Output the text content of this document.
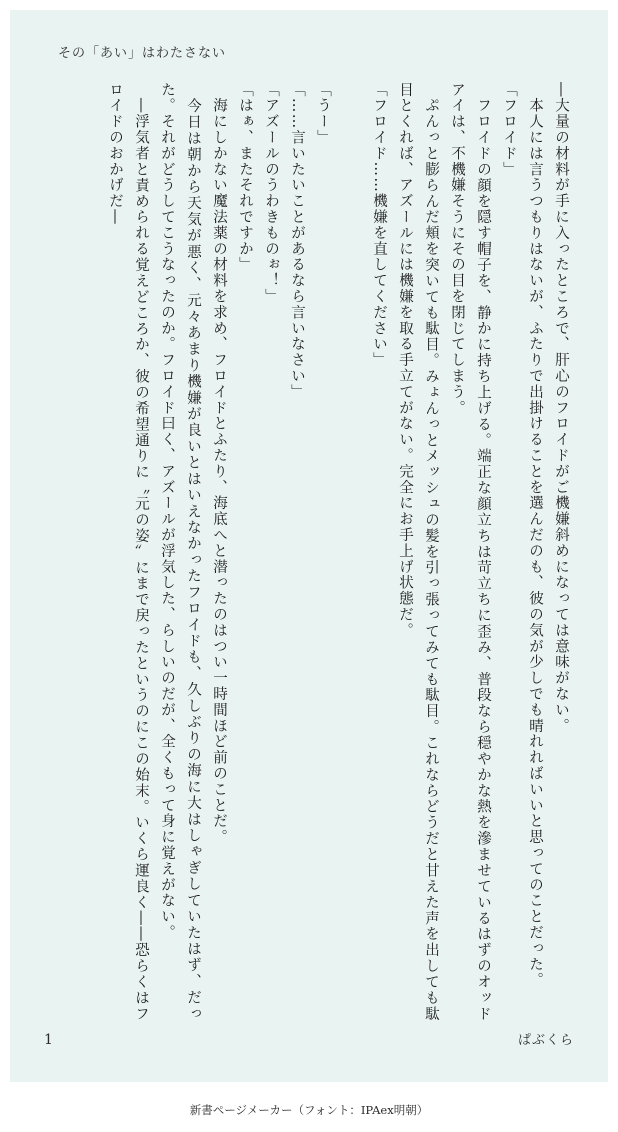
その「あい」はわたさない

―大量の材料が手に入ったところで、肝心のフロイドがご機嫌斜めになっては意味がない。

　本人には言うつもりはないが、ふたりで出掛けることを選んだのも、彼の気が少しでも晴れればいいと思ってのことだった。

「フロイド」

　フロイドの顔を隠す帽子を、静かに持ち上げる。端正な顔立ちは苛立ちに歪み、普段なら穏やかな熱を滲ませているはずのオッドアイは、不機嫌そうにその目を閉じてしまう。

　ぷんっと膨らんだ頬を突いても駄目。みょんっとメッシュの髪を引っ張ってみても駄目。これならどうだと甘えた声を出しても駄目とくれば、アズールには機嫌を取る手立てがない。完全にお手上げ状態だ。

「フロイド……機嫌を直してください」

「うー」

「……言いたいことがあるなら言いなさい」

「アズールのうわきものぉ！」

「はぁ、またそれですか」

　海にしかない魔法薬の材料を求め、フロイドとふたり、海底へと潜ったのはつい一時間ほど前のことだ。

　今日は朝から天気が悪く、元々あまり機嫌が良いとはいえなかったフロイドも、久しぶりの海に大はしゃぎしていたはず、だった。それがどうしてこうなったのか。フロイド曰く、アズールが浮気した、らしいのだが、全くもって身に覚えがない。

　―浮気者と責められる覚えどころか、彼の希望通りに〝元の姿〟にまで戻ったというのにこの始末。いくら運良く――恐らくはフロイドのおかげだ―

1	ぱぶくら
新書ページメーカー（フォント：IPAex明朝）
